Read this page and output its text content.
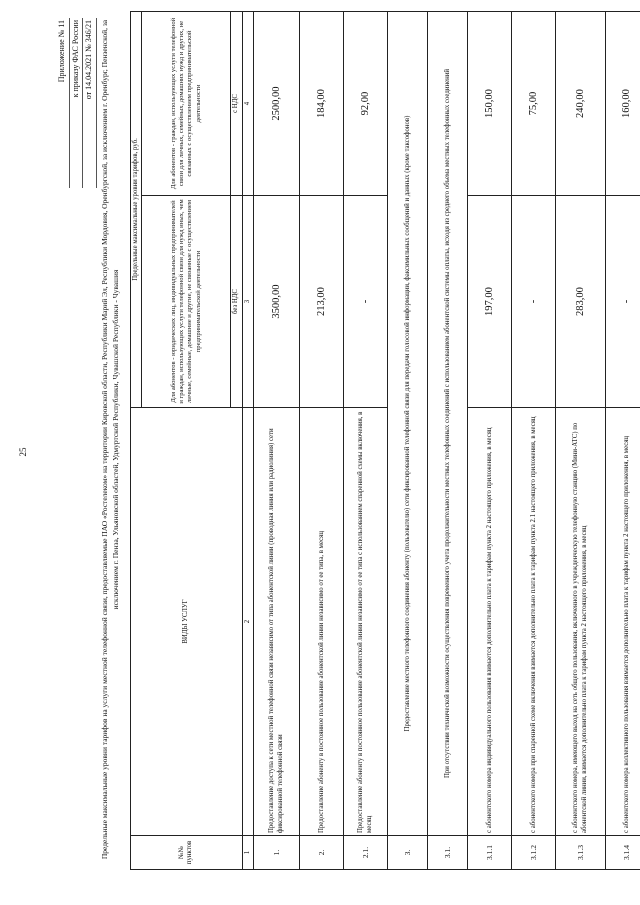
25
Приложение № 11 к приказу ФАС России от 14.04.2021 № 346/21 Предельные максимальные уровни тарифов на услуги местной телефонной связи, предоставляемые ПАО «Ростелеком» на территории Кировской области, Республики Марий Эл, Республики Мордовия, Оренбургской, за исключением г. Оренбург, Пензенской, за исключением г. Пенза, Ульяновской областей, Удмуртской Республики, Чувашской Республики - Чувашия
№№ пунктов	ВИДЫ УСЛУГ	Предельные максимальные уровни тарифов, руб.	
		Для абонентов - юридических лиц, индивидуальных предпринимателей и граждан, использующих услуги телефонной связи для нужд иных, чем личные, семейные, домашние и другие, не связанные с осуществлением предпринимательской деятельности	Для абонентов - граждан, использующих услуги телефонной связи для личных, семейных, домашних нужд и других, не связанных с осуществлением предпринимательской деятельности
		без НДС	с НДС
1	2	3	4
1.	Предоставление доступа к сети местной телефонной связи независимо от типа абонентской линии (проводная линия или радиолиния) сети фиксированной телефонной связи	3500,00	2500,00
2.	Предоставление абоненту в постоянное пользование абонентской линии независимо от ее типа, в месяц	213,00	184,00
2.1.	Предоставление абоненту в постоянное пользование абонентской линии независимо от ее типа с использованием спаренной схемы включения, в месяц	-	92,00
3.	Предоставление местного телефонного соединения абоненту (пользователю) сети фиксированной телефонной связи для передачи голосовой информации, факсимильных сообщений и данных (кроме таксофонов)		
3.1.	При отсутствии технической возможности осуществления повременного учета продолжительности местных телефонных соединений с использованием абонентской системы оплаты, исходя из среднего объема местных телефонных соединений		
3.1.1	с абонентского номера индивидуального пользования взимается дополнительно плата к тарифам пункта 2 настоящего приложения, в месяц	197,00	150,00
3.1.2	с абонентского номера при спаренной схеме включения взимается дополнительно плата к тарифам пункта 2.1 настоящего приложения, в месяц	-	75,00
3.1.3	с абонентского номера, имеющего выход на сеть общего пользования, включенного в учрежденческую телефонную станцию (Мини-АТС) по абонентской линии, взимается дополнительно плата к тарифам пункта 2 настоящего приложения, в месяц	283,00	240,00
3.1.4	с абонентского номера коллективного пользования взимается дополнительно плата к тарифам пункта 2 настоящего приложения, в месяц	-	160,00
